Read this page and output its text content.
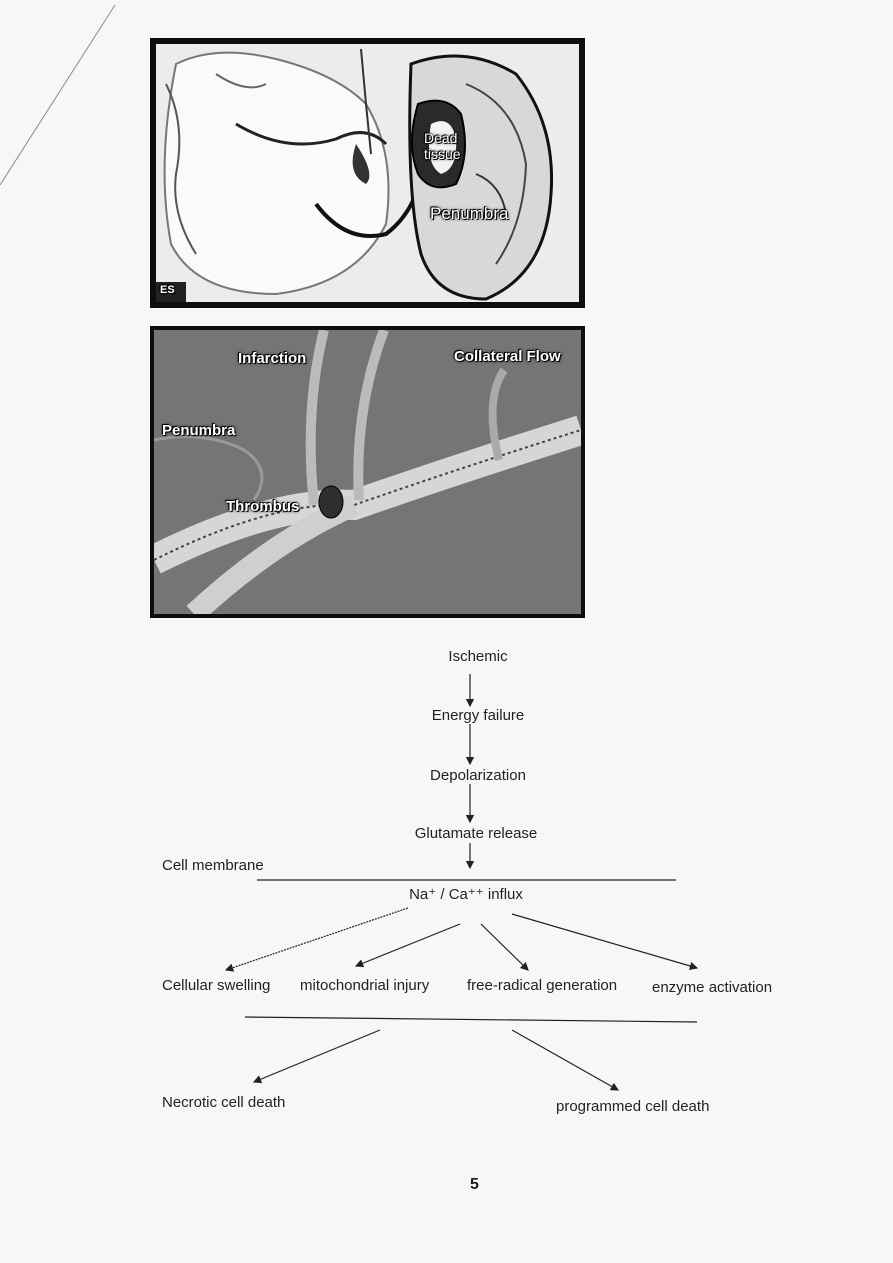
Dead
tissue
Penumbra
ES
Infarction	Collateral Flow
Penumbra
Thrombus
Ischemic
Energy failure
Depolarization
Glutamate release
Cell membrane
Na⁺ / Ca⁺⁺ influx
Cellular swelling mitochondrial injury	free-radical generation enzyme activation
Necrotic cell death	programmed cell death
5
